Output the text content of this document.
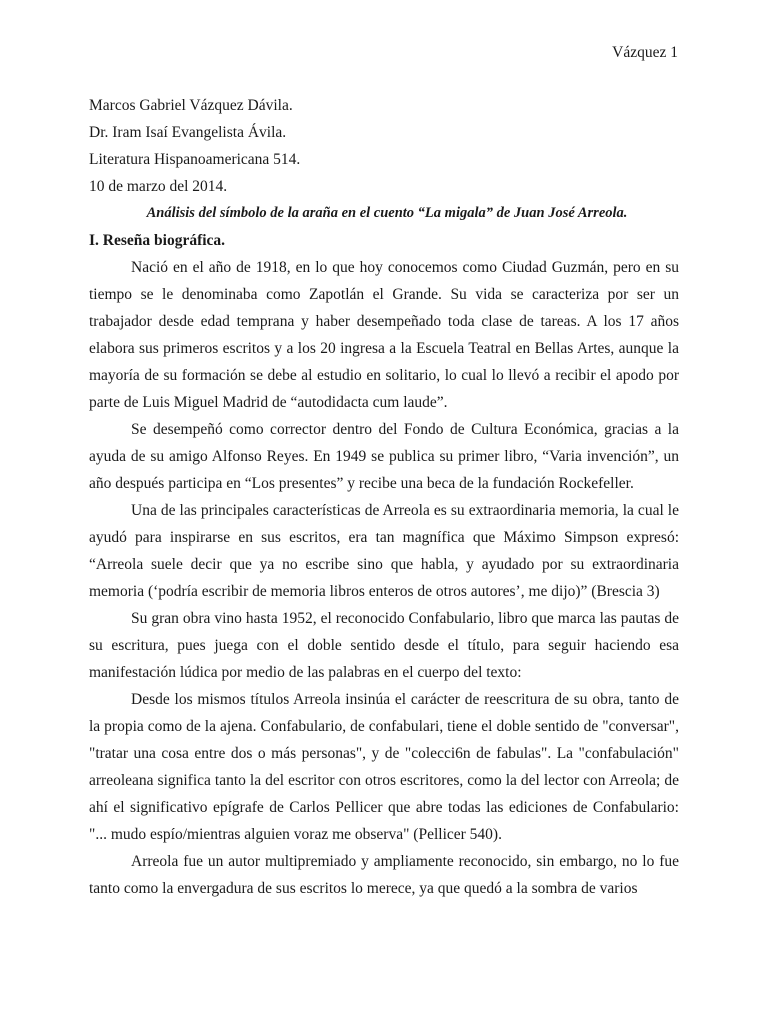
Vázquez 1
Marcos Gabriel Vázquez Dávila.
Dr. Iram Isaí Evangelista Ávila.
Literatura Hispanoamericana 514.
10 de marzo del 2014.
Análisis del símbolo de la araña en el cuento “La migala” de Juan José Arreola.
I. Reseña biográfica.

Nació en el año de 1918, en lo que hoy conocemos como Ciudad Guzmán, pero en su tiempo se le denominaba como Zapotlán el Grande. Su vida se caracteriza por ser un trabajador desde edad temprana y haber desempeñado toda clase de tareas. A los 17 años elabora sus primeros escritos y a los 20 ingresa a la Escuela Teatral en Bellas Artes, aunque la mayoría de su formación se debe al estudio en solitario, lo cual lo llevó a recibir el apodo por parte de Luis Miguel Madrid de “autodidacta cum laude”.

Se desempeñó como corrector dentro del Fondo de Cultura Económica, gracias a la ayuda de su amigo Alfonso Reyes. En 1949 se publica su primer libro, “Varia invención”, un año después participa en “Los presentes” y recibe una beca de la fundación Rockefeller.

Una de las principales características de Arreola es su extraordinaria memoria, la cual le ayudó para inspirarse en sus escritos, era tan magnífica que Máximo Simpson expresó: “Arreola suele decir que ya no escribe sino que habla, y ayudado por su extraordinaria memoria (‘podría escribir de memoria libros enteros de otros autores’, me dijo)” (Brescia 3)

Su gran obra vino hasta 1952, el reconocido Confabulario, libro que marca las pautas de su escritura, pues juega con el doble sentido desde el título, para seguir haciendo esa manifestación lúdica por medio de las palabras en el cuerpo del texto:

Desde los mismos títulos Arreola insinúa el carácter de reescritura de su obra, tanto de la propia como de la ajena. Confabulario, de confabulari, tiene el doble sentido de "conversar", "tratar una cosa entre dos o más personas", y de "colecci6n de fabulas". La "confabulación" arreoleana significa tanto la del escritor con otros escritores, como la del lector con Arreola; de ahí el significativo epígrafe de Carlos Pellicer que abre todas las ediciones de Confabulario: "... mudo espío/mientras alguien voraz me observa" (Pellicer 540).

Arreola fue un autor multipremiado y ampliamente reconocido, sin embargo, no lo fue tanto como la envergadura de sus escritos lo merece, ya que quedó a la sombra de varios
